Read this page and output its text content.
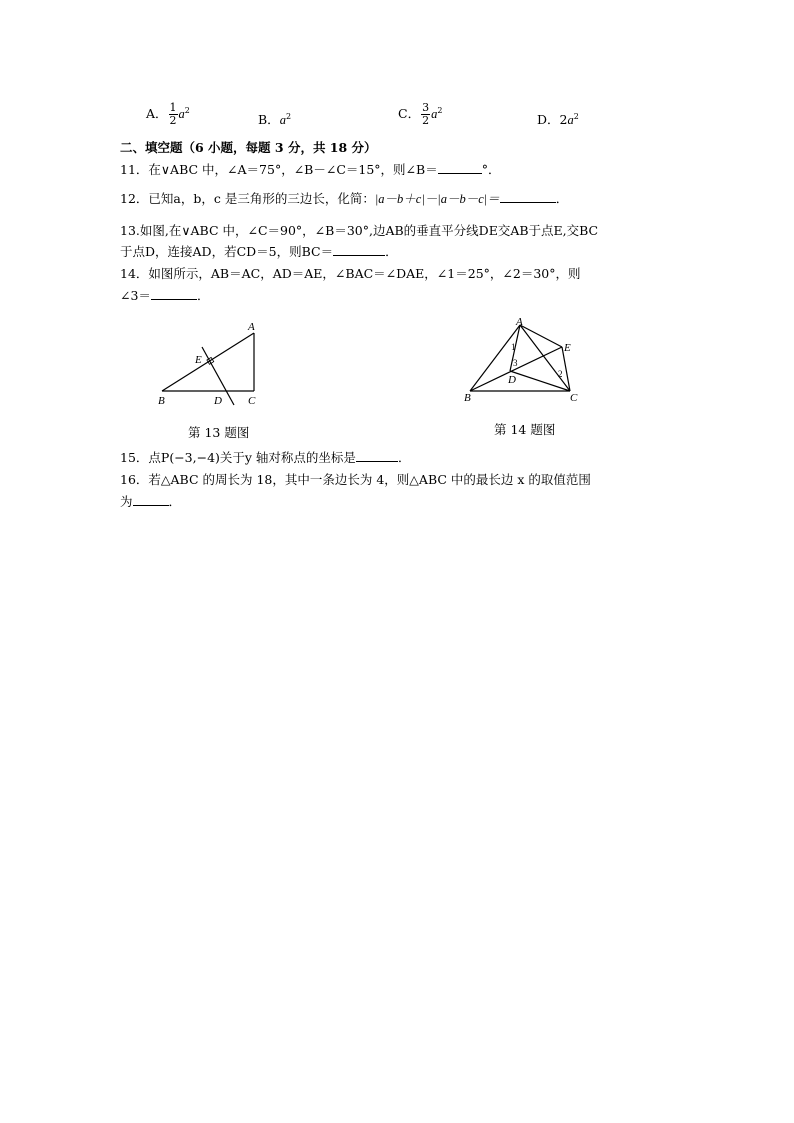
A． $\frac{1}{2} a^2$
B．$a^2$	C． $\frac{3}{2} a^2$
D．$2a^2$
二、填空题（6 小题，每题 3 分，共 18 分）
11．在∨ABC 中，∠A＝75°，∠B－∠C＝15°，则∠B＝	°．
12．已知a，b，c 是三角形的三边长，化简：|a－b＋c|－|a－b－c|＝	．
13.如图,在∨ABC 中，∠C＝90°，∠B＝30°,边AB的垂直平分线DE交AB于点E,交BC
于点D，连接AD，若CD＝5，则BC＝	．
14．如图所示，AB＝AC，AD＝AE，∠BAC＝∠DAE，∠1＝25°，∠2＝30°，则
∠3＝	．
A
B	C
D
E
第 13 题图
A
B	C
D
E
1
2
3
第 14 题图
15．点P(−3,−4)关于y 轴对称点的坐标是	．
16．若△ABC 的周长为 18，其中一条边长为 4，则△ABC 中的最长边 x 的取值范围
为	．
